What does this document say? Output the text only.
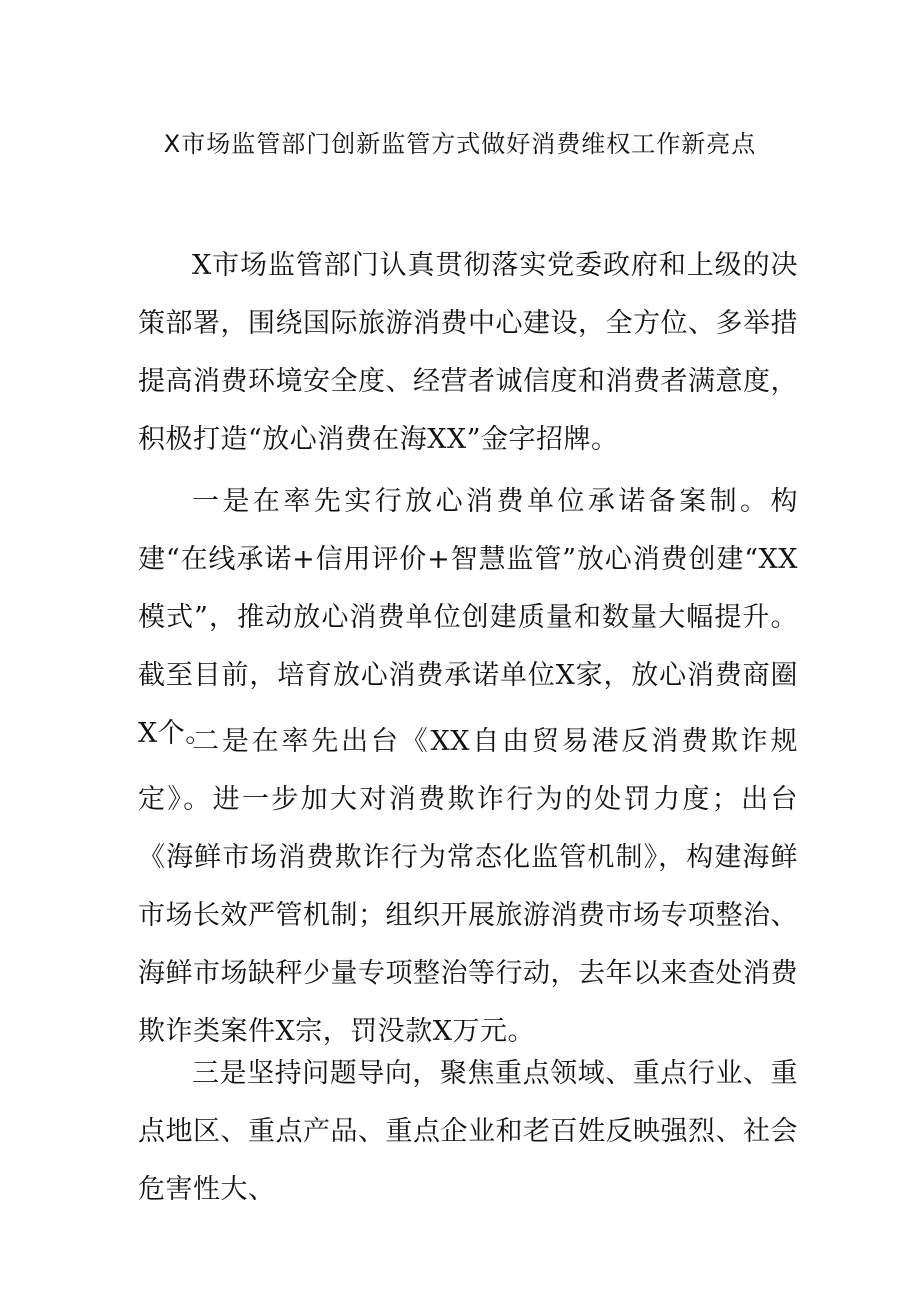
X市场监管部门创新监管方式做好消费维权工作新亮点

X市场监管部门认真贯彻落实党委政府和上级的决策部署，围绕国际旅游消费中心建设，全方位、多举措提高消费环境安全度、经营者诚信度和消费者满意度，积极打造“放心消费在海XX”金字招牌。

一是在率先实行放心消费单位承诺备案制。构建“在线承诺+信用评价+智慧监管”放心消费创建“XX模式”，推动放心消费单位创建质量和数量大幅提升。截至目前，培育放心消费承诺单位X家，放心消费商圈X个。

二是在率先出台《XX自由贸易港反消费欺诈规定》。进一步加大对消费欺诈行为的处罚力度；出台《海鲜市场消费欺诈行为常态化监管机制》，构建海鲜市场长效严管机制；组织开展旅游消费市场专项整治、海鲜市场缺秤少量专项整治等行动，去年以来查处消费欺诈类案件X宗，罚没款X万元。

三是坚持问题导向，聚焦重点领域、重点行业、重点地区、重点产品、重点企业和老百姓反映强烈、社会危害性大、
